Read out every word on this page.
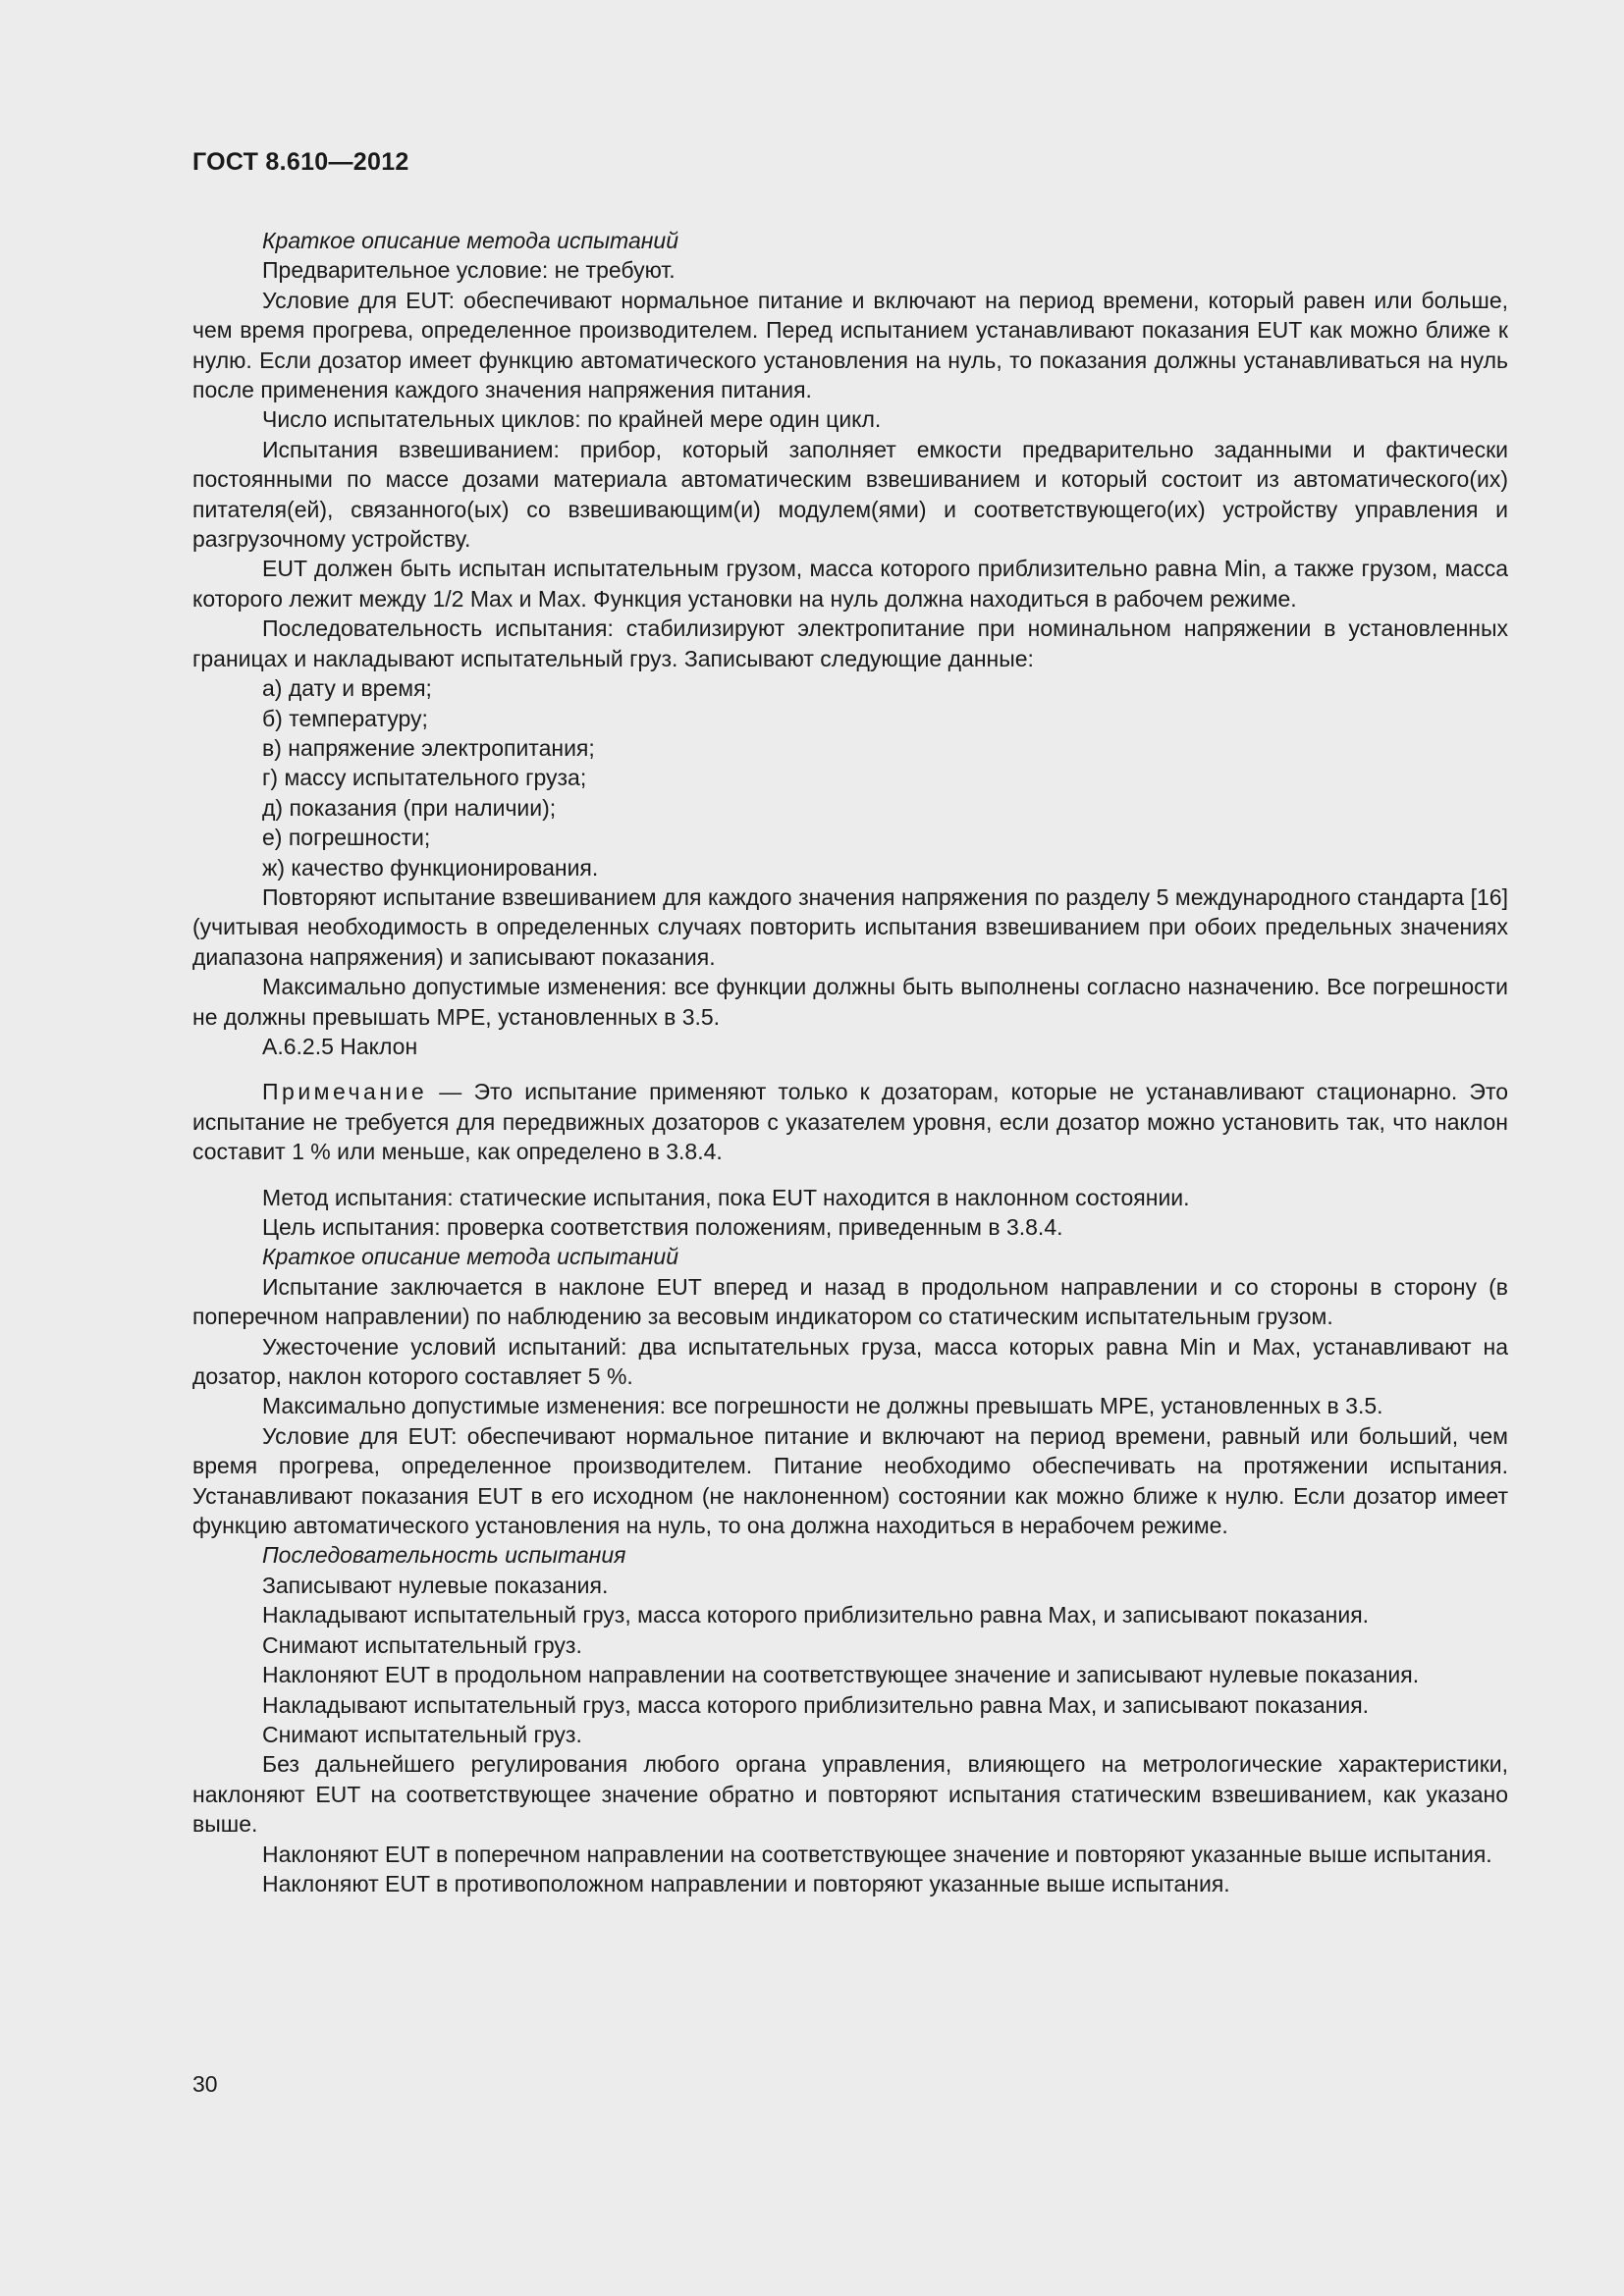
ГОСТ 8.610—2012

Краткое описание метода испытаний

Предварительное условие: не требуют.

Условие для EUT: обеспечивают нормальное питание и включают на период времени, который равен или больше, чем время прогрева, определенное производителем. Перед испытанием устанавливают показания EUT как можно ближе к нулю. Если дозатор имеет функцию автоматического установления на нуль, то показания должны устанавливаться на нуль после применения каждого значения напряжения питания.

Число испытательных циклов: по крайней мере один цикл.

Испытания взвешиванием: прибор, который заполняет емкости предварительно заданными и фактически постоянными по массе дозами материала автоматическим взвешиванием и который состоит из автоматического(их) питателя(ей), связанного(ых) со взвешивающим(и) модулем(ями) и соответствующего(их) устройству управления и разгрузочному устройству.

EUT должен быть испытан испытательным грузом, масса которого приблизительно равна Min, а также грузом, масса которого лежит между 1/2 Max и Max. Функция установки на нуль должна находиться в рабочем режиме.

Последовательность испытания: стабилизируют электропитание при номинальном напряжении в установленных границах и накладывают испытательный груз. Записывают следующие данные:

а) дату и время;

б) температуру;

в) напряжение электропитания;

г) массу испытательного груза;

д) показания (при наличии);

е) погрешности;

ж) качество функционирования.

Повторяют испытание взвешиванием для каждого значения напряжения по разделу 5 международного стандарта [16] (учитывая необходимость в определенных случаях повторить испытания взвешиванием при обоих предельных значениях диапазона напряжения) и записывают показания.

Максимально допустимые изменения: все функции должны быть выполнены согласно назначению. Все погрешности не должны превышать МРЕ, установленных в 3.5.

А.6.2.5 Наклон

Примечание — Это испытание применяют только к дозаторам, которые не устанавливают стационарно. Это испытание не требуется для передвижных дозаторов с указателем уровня, если дозатор можно установить так, что наклон составит 1 % или меньше, как определено в 3.8.4.

Метод испытания: статические испытания, пока EUT находится в наклонном состоянии.

Цель испытания: проверка соответствия положениям, приведенным в 3.8.4.

Краткое описание метода испытаний

Испытание заключается в наклоне EUT вперед и назад в продольном направлении и со стороны в сторону (в поперечном направлении) по наблюдению за весовым индикатором со статическим испытательным грузом.

Ужесточение условий испытаний: два испытательных груза, масса которых равна Min и Max, устанавливают на дозатор, наклон которого составляет 5 %.

Максимально допустимые изменения: все погрешности не должны превышать МРЕ, установленных в 3.5.

Условие для EUT: обеспечивают нормальное питание и включают на период времени, равный или больший, чем время прогрева, определенное производителем. Питание необходимо обеспечивать на протяжении испытания. Устанавливают показания EUT в его исходном (не наклоненном) состоянии как можно ближе к нулю. Если дозатор имеет функцию автоматического установления на нуль, то она должна находиться в нерабочем режиме.

Последовательность испытания

Записывают нулевые показания.

Накладывают испытательный груз, масса которого приблизительно равна Max, и записывают показания.

Снимают испытательный груз.

Наклоняют EUT в продольном направлении на соответствующее значение и записывают нулевые показания.

Накладывают испытательный груз, масса которого приблизительно равна Max, и записывают показания.

Снимают испытательный груз.

Без дальнейшего регулирования любого органа управления, влияющего на метрологические характеристики, наклоняют EUT на соответствующее значение обратно и повторяют испытания статическим взвешиванием, как указано выше.

Наклоняют EUT в поперечном направлении на соответствующее значение и повторяют указанные выше испытания.

Наклоняют EUT в противоположном направлении и повторяют указанные выше испытания.

30
